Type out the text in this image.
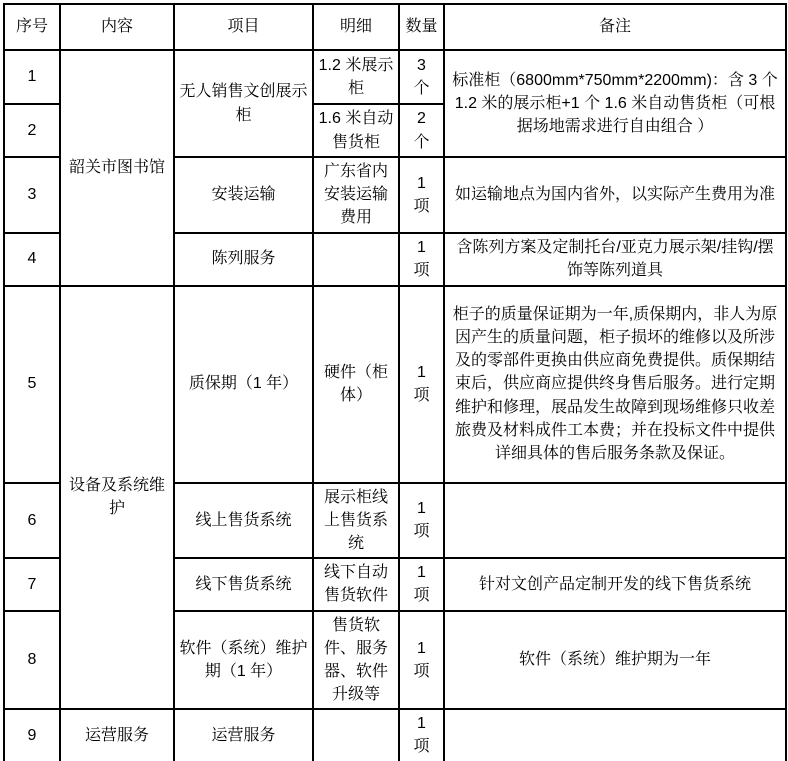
序号	内容	项目	明细	数量	备注
1	韶关市图书馆	无人销售文创展示柜	1.2 米展示柜	3
个	标准柜（6800mm*750mm*2200mm)：含 3 个 1.2 米的展示柜+1 个 1.6 米自动售货柜（可根据场地需求进行自由组合 ）
2			1.6 米自动售货柜	2
个	

3		安装运输	广东省内安装运输费用	1
项	如运输地点为国内省外，以实际产生费用为准
4		陈列服务		1
项	含陈列方案及定制托台/亚克力展示架/挂钩/摆饰等陈列道具
5	设备及系统维护	质保期（1 年）	硬件（柜体）	1
项	柜子的质量保证期为一年,质保期内，非人为原因产生的质量问题，柜子损坏的维修以及所涉及的零部件更换由供应商免费提供。质保期结束后，供应商应提供终身售后服务。进行定期维护和修理，展品发生故障到现场维修只收差旅费及材料成件工本费；并在投标文件中提供详细具体的售后服务条款及保证。
6		线上售货系统	展示柜线上售货系统	1
项	

7		线下售货系统	线下自动售货软件	1
项	针对文创产品定制开发的线下售货系统
8		软件（系统）维护期（1 年）	售货软件、服务器、软件升级等	1
项	软件（系统）维护期为一年
9	运营服务	运营服务		1
项	
